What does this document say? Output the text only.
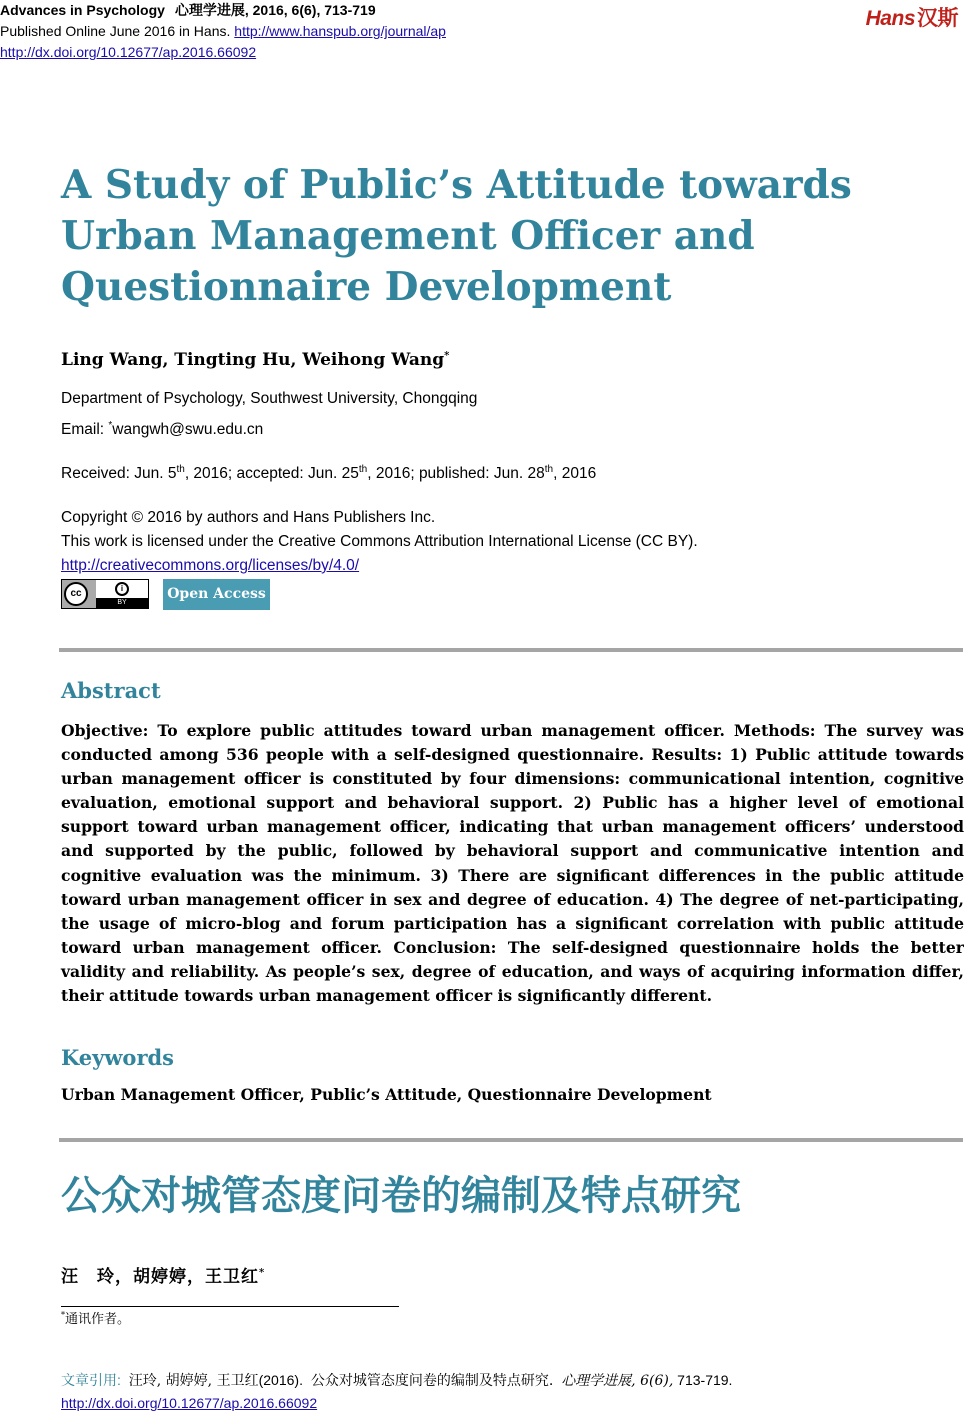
Advances in Psychology 心理学进展, 2016, 6(6), 713-719
Published Online June 2016 in Hans. http://www.hanspub.org/journal/ap
http://dx.doi.org/10.12677/ap.2016.66092
Hans汉斯
A Study of Public’s Attitude towards Urban Management Officer and Questionnaire Development
Ling Wang, Tingting Hu, Weihong Wang*
Department of Psychology, Southwest University, Chongqing
Email: *wangwh@swu.edu.cn
Received: Jun. 5th, 2016; accepted: Jun. 25th, 2016; published: Jun. 28th, 2016
Copyright © 2016 by authors and Hans Publishers Inc.
This work is licensed under the Creative Commons Attribution International License (CC BY).
http://creativecommons.org/licenses/by/4.0/
cc	i
BY
Open Access
Abstract

Objective: To explore public attitudes toward urban management officer. Methods: The survey was conducted among 536 people with a self-designed questionnaire. Results: 1) Public attitude towards urban management officer is constituted by four dimensions: communicational intention, cognitive evaluation, emotional support and behavioral support. 2) Public has a higher level of emotional support toward urban management officer, indicating that urban management officers’ understood and supported by the public, followed by behavioral support and communicative intention and cognitive evaluation was the minimum. 3) There are significant differences in the public attitude toward urban management officer in sex and degree of education. 4) The degree of net-participating, the usage of micro-blog and forum participation has a significant correlation with public attitude toward urban management officer. Conclusion: The self-designed questionnaire holds the better validity and reliability. As people’s sex, degree of education, and ways of acquiring information differ, their attitude towards urban management officer is significantly different.

Keywords
Urban Management Officer, Public’s Attitude, Questionnaire Development
公众对城管态度问卷的编制及特点研究
汪　玲，胡婷婷，王卫红*
*通讯作者。
文章引用: 汪玲, 胡婷婷, 王卫红(2016). 公众对城管态度问卷的编制及特点研究. 心理学进展, 6(6), 713-719.
http://dx.doi.org/10.12677/ap.2016.66092
